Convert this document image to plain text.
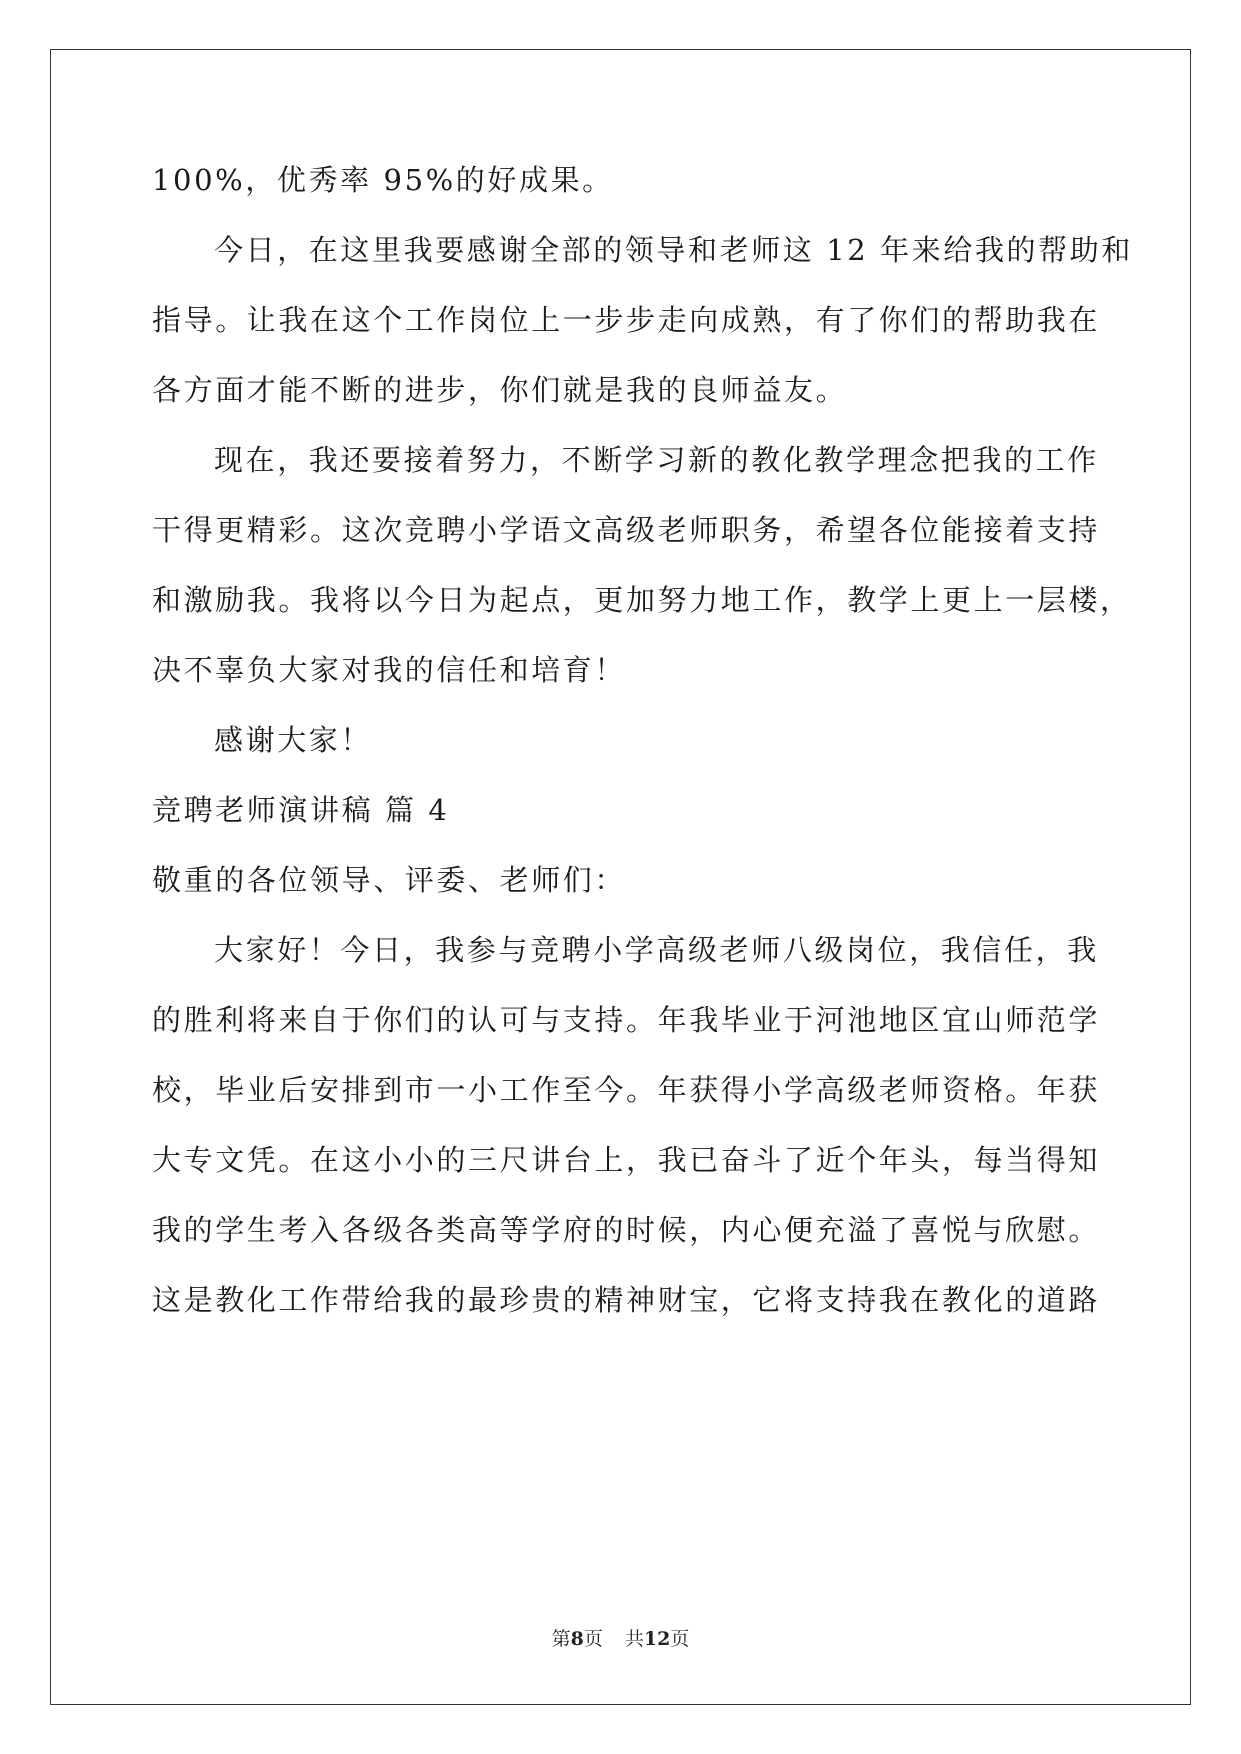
100%，优秀率 95%的好成果。
今日，在这里我要感谢全部的领导和老师这 12 年来给我的帮助和
指导。让我在这个工作岗位上一步步走向成熟，有了你们的帮助我在
各方面才能不断的进步，你们就是我的良师益友。
现在，我还要接着努力，不断学习新的教化教学理念把我的工作
干得更精彩。这次竞聘小学语文高级老师职务，希望各位能接着支持
和激励我。我将以今日为起点，更加努力地工作，教学上更上一层楼，
决不辜负大家对我的信任和培育！
感谢大家！
竞聘老师演讲稿 篇 4
敬重的各位领导、评委、老师们：
大家好！今日，我参与竞聘小学高级老师八级岗位，我信任，我
的胜利将来自于你们的认可与支持。年我毕业于河池地区宜山师范学
校，毕业后安排到市一小工作至今。年获得小学高级老师资格。年获
大专文凭。在这小小的三尺讲台上，我已奋斗了近个年头，每当得知
我的学生考入各级各类高等学府的时候，内心便充溢了喜悦与欣慰。
这是教化工作带给我的最珍贵的精神财宝，它将支持我在教化的道路
第8页 共12页
